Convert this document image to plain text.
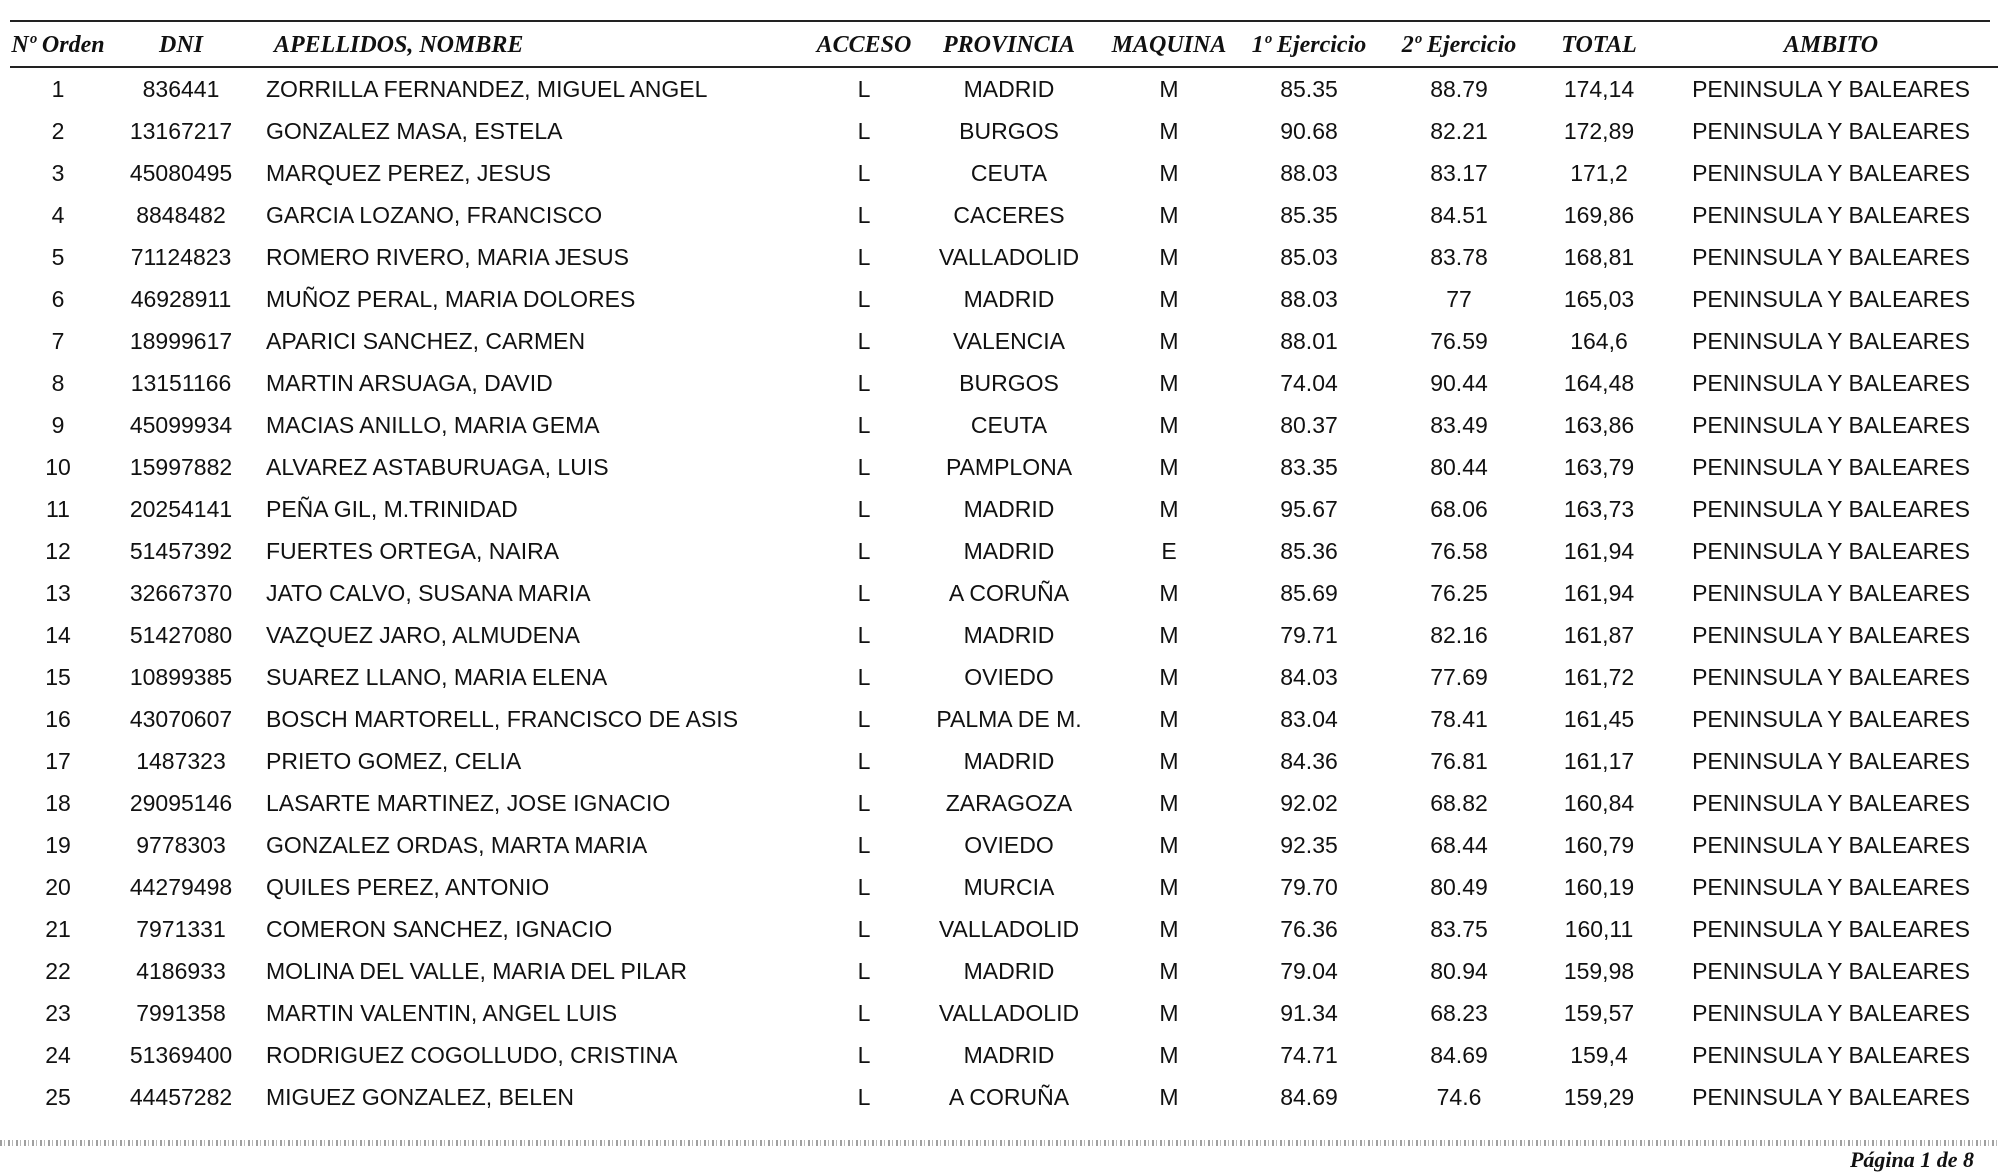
Nº Orden	DNI	APELLIDOS, NOMBRE	ACCESO	PROVINCIA	MAQUINA	1º Ejercicio	2º Ejercicio	TOTAL	AMBITO
1	836441	ZORRILLA FERNANDEZ, MIGUEL ANGEL	L	MADRID	M	85.35	88.79	174,14	PENINSULA Y BALEARES
2	13167217	GONZALEZ MASA, ESTELA	L	BURGOS	M	90.68	82.21	172,89	PENINSULA Y BALEARES
3	45080495	MARQUEZ PEREZ, JESUS	L	CEUTA	M	88.03	83.17	171,2	PENINSULA Y BALEARES
4	8848482	GARCIA LOZANO, FRANCISCO	L	CACERES	M	85.35	84.51	169,86	PENINSULA Y BALEARES
5	71124823	ROMERO RIVERO, MARIA JESUS	L	VALLADOLID	M	85.03	83.78	168,81	PENINSULA Y BALEARES
6	46928911	MUÑOZ PERAL, MARIA DOLORES	L	MADRID	M	88.03	77	165,03	PENINSULA Y BALEARES
7	18999617	APARICI SANCHEZ, CARMEN	L	VALENCIA	M	88.01	76.59	164,6	PENINSULA Y BALEARES
8	13151166	MARTIN ARSUAGA, DAVID	L	BURGOS	M	74.04	90.44	164,48	PENINSULA Y BALEARES
9	45099934	MACIAS ANILLO, MARIA GEMA	L	CEUTA	M	80.37	83.49	163,86	PENINSULA Y BALEARES
10	15997882	ALVAREZ ASTABURUAGA, LUIS	L	PAMPLONA	M	83.35	80.44	163,79	PENINSULA Y BALEARES
11	20254141	PEÑA GIL, M.TRINIDAD	L	MADRID	M	95.67	68.06	163,73	PENINSULA Y BALEARES
12	51457392	FUERTES ORTEGA, NAIRA	L	MADRID	E	85.36	76.58	161,94	PENINSULA Y BALEARES
13	32667370	JATO CALVO, SUSANA MARIA	L	A CORUÑA	M	85.69	76.25	161,94	PENINSULA Y BALEARES
14	51427080	VAZQUEZ JARO, ALMUDENA	L	MADRID	M	79.71	82.16	161,87	PENINSULA Y BALEARES
15	10899385	SUAREZ LLANO, MARIA ELENA	L	OVIEDO	M	84.03	77.69	161,72	PENINSULA Y BALEARES
16	43070607	BOSCH MARTORELL, FRANCISCO DE ASIS	L	PALMA DE M.	M	83.04	78.41	161,45	PENINSULA Y BALEARES
17	1487323	PRIETO GOMEZ, CELIA	L	MADRID	M	84.36	76.81	161,17	PENINSULA Y BALEARES
18	29095146	LASARTE MARTINEZ, JOSE IGNACIO	L	ZARAGOZA	M	92.02	68.82	160,84	PENINSULA Y BALEARES
19	9778303	GONZALEZ ORDAS, MARTA MARIA	L	OVIEDO	M	92.35	68.44	160,79	PENINSULA Y BALEARES
20	44279498	QUILES PEREZ, ANTONIO	L	MURCIA	M	79.70	80.49	160,19	PENINSULA Y BALEARES
21	7971331	COMERON SANCHEZ, IGNACIO	L	VALLADOLID	M	76.36	83.75	160,11	PENINSULA Y BALEARES
22	4186933	MOLINA DEL VALLE, MARIA DEL PILAR	L	MADRID	M	79.04	80.94	159,98	PENINSULA Y BALEARES
23	7991358	MARTIN VALENTIN, ANGEL LUIS	L	VALLADOLID	M	91.34	68.23	159,57	PENINSULA Y BALEARES
24	51369400	RODRIGUEZ COGOLLUDO, CRISTINA	L	MADRID	M	74.71	84.69	159,4	PENINSULA Y BALEARES
25	44457282	MIGUEZ GONZALEZ, BELEN	L	A CORUÑA	M	84.69	74.6	159,29	PENINSULA Y BALEARES
Página 1 de 8
